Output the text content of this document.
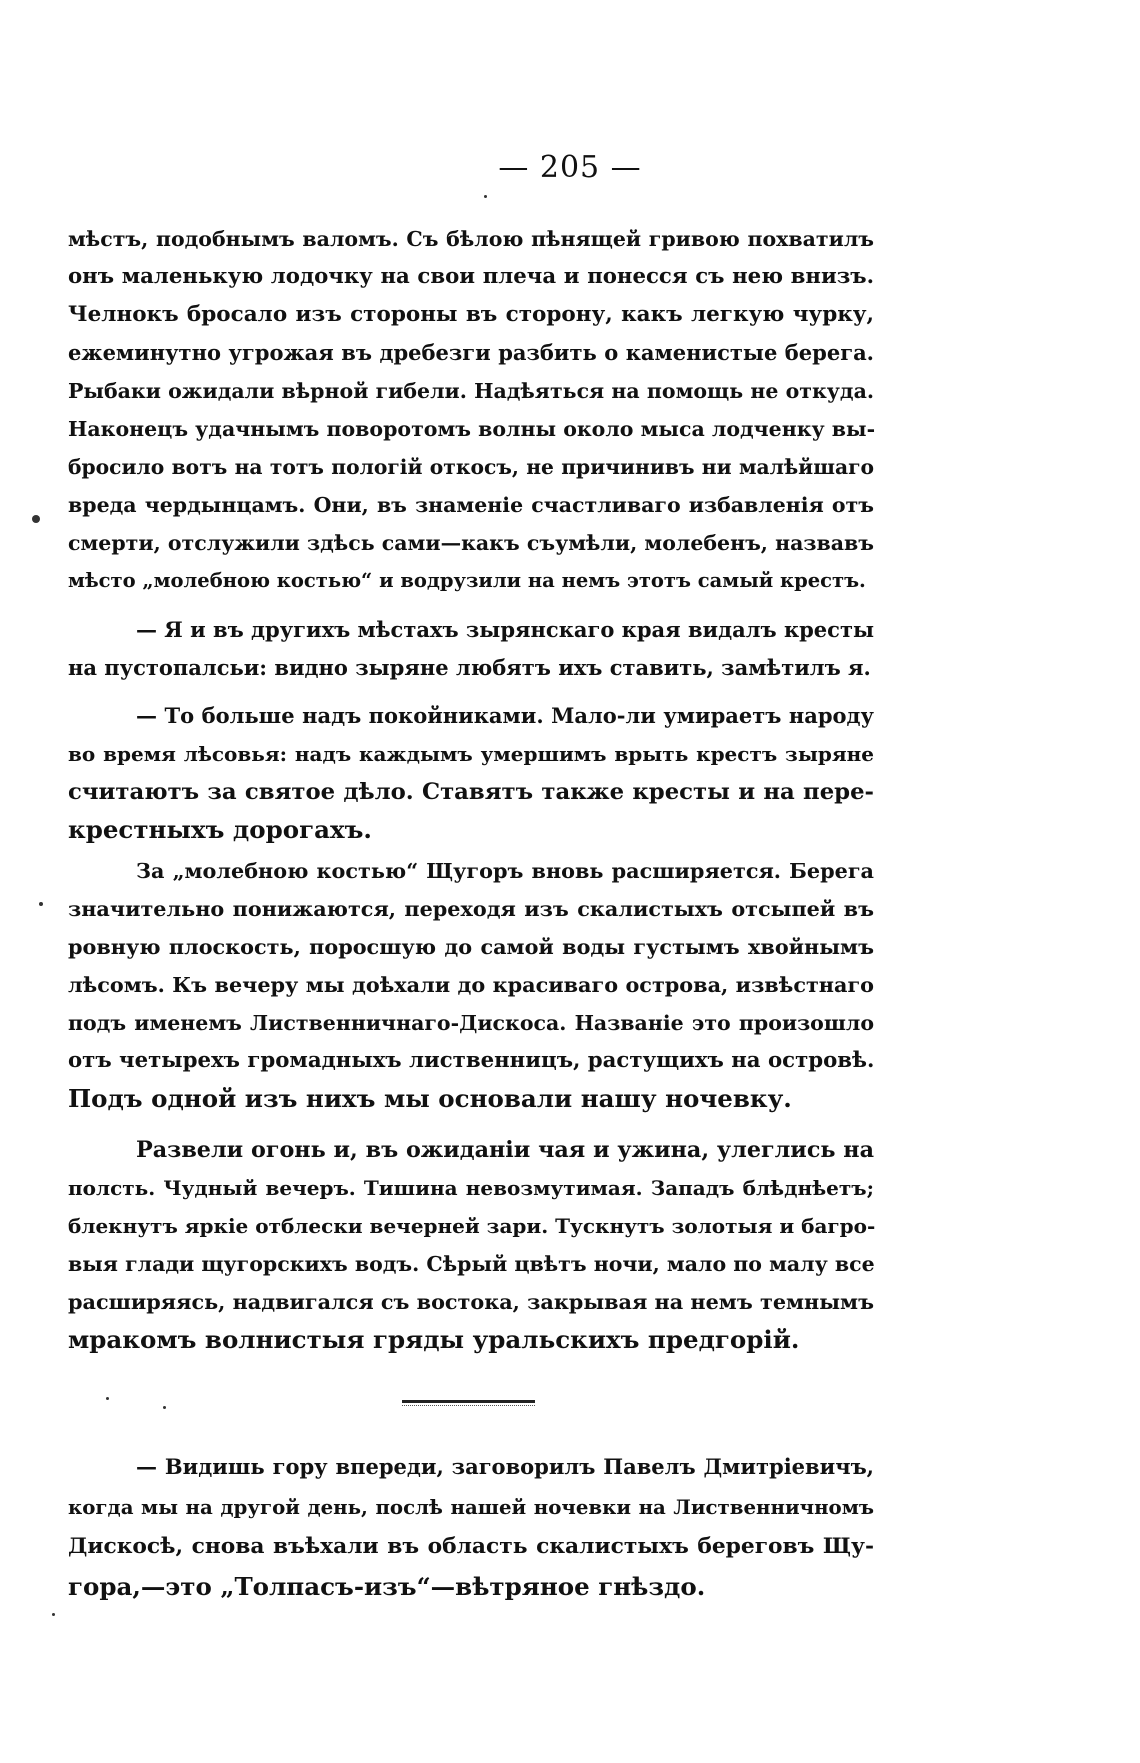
— 205 —
мѣстъ, подобнымъ валомъ. Съ бѣлою пѣнящей гривою похватилъ
онъ маленькую лодочку на свои плеча и понесся съ нею внизъ.
Челнокъ бросало изъ стороны въ сторону, какъ легкую чурку,
ежеминутно угрожая въ дребезги разбить о каменистые берега.
Рыбаки ожидали вѣрной гибели. Надѣяться на помощь не откуда.
Наконецъ удачнымъ поворотомъ волны около мыса лодченку вы-
бросило вотъ на тотъ пологій откосъ, не причинивъ ни малѣйшаго
вреда чердынцамъ. Они, въ знаменіе счастливаго избавленія отъ
смерти, отслужили здѣсь сами—какъ съумѣли, молебенъ, назвавъ
мѣсто „молебною костью“ и водрузили на немъ этотъ самый крестъ.
— Я и въ другихъ мѣстахъ зырянскаго края видалъ кресты
на пустопалсьи: видно зыряне любятъ ихъ ставить, замѣтилъ я.
— То больше надъ покойниками. Мало-ли умираетъ народу
во время лѣсовья: надъ каждымъ умершимъ врыть крестъ зыряне
считаютъ за святое дѣло. Ставятъ также кресты и на пере-
крестныхъ дорогахъ.
За „молебною костью“ Щугоръ вновь расширяется. Берега
значительно понижаются, переходя изъ скалистыхъ отсыпей въ
ровную плоскость, поросшую до самой воды густымъ хвойнымъ
лѣсомъ. Къ вечеру мы доѣхали до красиваго острова, извѣстнаго
подъ именемъ Лиственничнаго-Дискоса. Названіе это произошло
отъ четырехъ громадныхъ лиственницъ, растущихъ на островѣ.
Подъ одной изъ нихъ мы основали нашу ночевку.
Развели огонь и, въ ожиданіи чая и ужина, улеглись на
полсть. Чудный вечеръ. Тишина невозмутимая. Западъ блѣднѣетъ;
блекнутъ яркіе отблески вечерней зари. Тускнутъ золотыя и багро-
выя глади щугорскихъ водъ. Сѣрый цвѣтъ ночи, мало по малу все
расширяясь, надвигался съ востока, закрывая на немъ темнымъ
мракомъ волнистыя гряды уральскихъ предгорій.
— Видишь гору впереди, заговорилъ Павелъ Дмитріевичъ,
когда мы на другой день, послѣ нашей ночевки на Лиственничномъ
Дискосѣ, снова въѣхали въ область скалистыхъ береговъ Щу-
гора,—это „Толпасъ-изъ“—вѣтряное гнѣздо.
